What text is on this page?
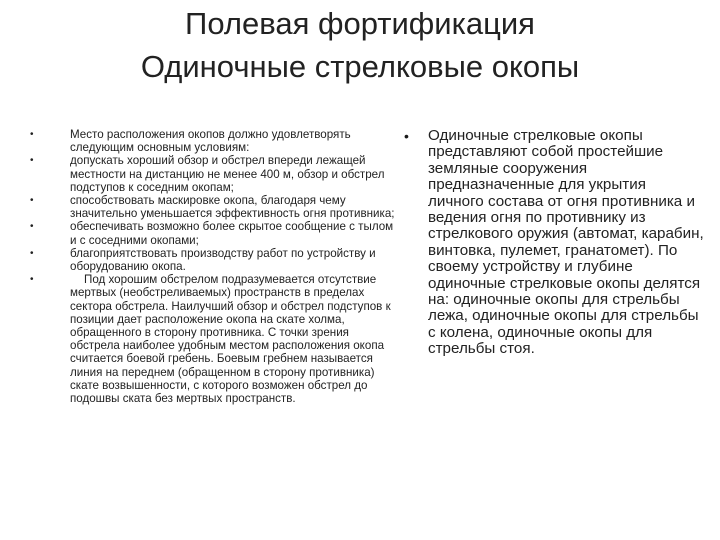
Полевая фортификация
Одиночные стрелковые окопы
•	Место расположения окопов должно удовлетворять следующим основным условиям:
•	допускать хороший обзор и обстрел впереди лежащей местности на дистанцию не менее 400 м, обзор и обстрел подступов к соседним окопам;
•	способствовать маскировке окопа, благодаря чему значительно уменьшается эффективность огня противника;
•	обеспечивать возможно более скрытое сообщение с тылом и с соседними окопами;
•	благоприятствовать производству работ по устройству и оборудованию окопа.
•	Под хорошим обстрелом подразумевается отсутствие мертвых (необстреливаемых) пространств в пределах сектора обстрела. Наилучший обзор и обстрел подступов к позиции дает расположение окопа на скате холма, обращенного в сторону противника. С точки зрения обстрела наиболее удобным местом расположения окопа считается боевой гребень. Боевым гребнем называется линия на переднем (обращенном в сторону противника) скате возвышенности, с которого возможен обстрел до подошвы ската без мертвых пространств.
• Одиночные стрелковые окопы представляют собой простейшие земляные сооружения предназначенные для укрытия личного состава от огня противника и ведения огня по противнику из стрелкового оружия (автомат, карабин, винтовка, пулемет, гранатомет). По своему устройству и глубине одиночные стрелковые окопы делятся на: одиночные окопы для стрельбы лежа, одиночные окопы для стрельбы с колена, одиночные окопы для стрельбы стоя.
